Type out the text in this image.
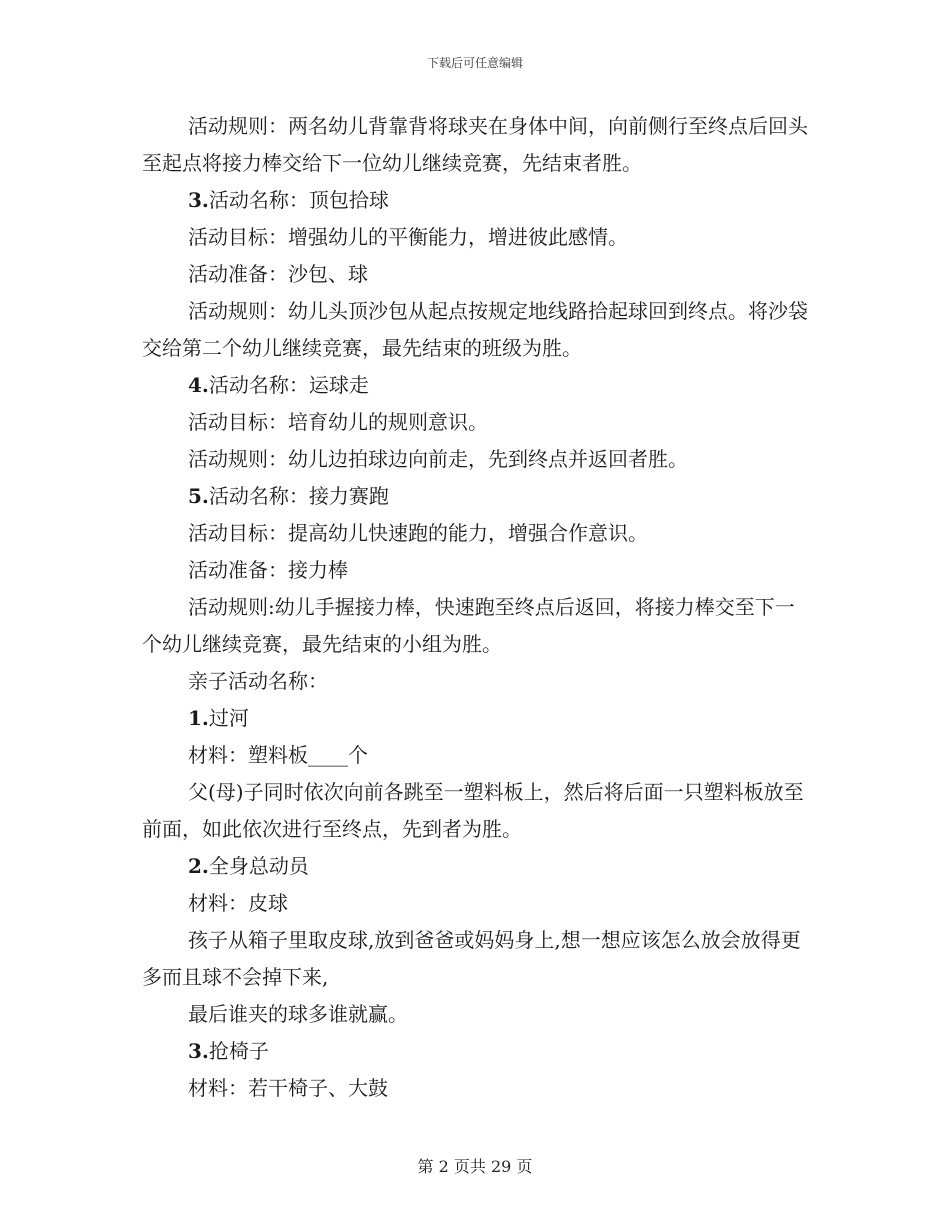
下载后可任意编辑

活动规则：两名幼儿背靠背将球夹在身体中间，向前侧行至终点后回头至起点将接力棒交给下一位幼儿继续竞赛，先结束者胜。

3.活动名称：顶包拾球

活动目标：增强幼儿的平衡能力，增进彼此感情。

活动准备：沙包、球

活动规则：幼儿头顶沙包从起点按规定地线路拾起球回到终点。将沙袋交给第二个幼儿继续竞赛，最先结束的班级为胜。

4.活动名称：运球走

活动目标：培育幼儿的规则意识。

活动规则：幼儿边拍球边向前走，先到终点并返回者胜。

5.活动名称：接力赛跑

活动目标：提高幼儿快速跑的能力，增强合作意识。

活动准备：接力棒

活动规则:幼儿手握接力棒，快速跑至终点后返回，将接力棒交至下一个幼儿继续竞赛，最先结束的小组为胜。

亲子活动名称：

1.过河

材料：塑料板____个

父(母)子同时依次向前各跳至一塑料板上，然后将后面一只塑料板放至前面，如此依次进行至终点，先到者为胜。

2.全身总动员

材料：皮球

孩子从箱子里取皮球,放到爸爸或妈妈身上,想一想应该怎么放会放得更多而且球不会掉下来,

最后谁夹的球多谁就赢。

3.抢椅子

材料：若干椅子、大鼓

第 2 页共 29 页
